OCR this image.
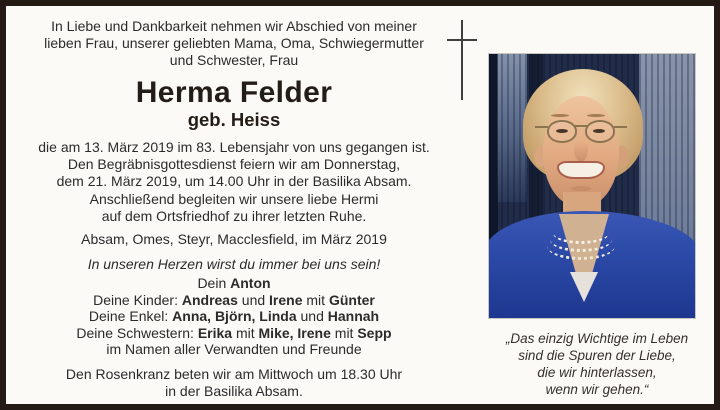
In Liebe und Dankbarkeit nehmen wir Abschied von meiner
lieben Frau, unserer geliebten Mama, Oma, Schwiegermutter
und Schwester, Frau
Herma Felder
geb. Heiss
die am 13. März 2019 im 83. Lebensjahr von uns gegangen ist.
Den Begräbnisgottesdienst feiern wir am Donnerstag,
dem 21. März 2019, um 14.00 Uhr in der Basilika Absam.
Anschließend begleiten wir unsere liebe Hermi
auf dem Ortsfriedhof zu ihrer letzten Ruhe.
Absam, Omes, Steyr, Macclesfield, im März 2019
In unseren Herzen wirst du immer bei uns sein!
Dein Anton
Deine Kinder: Andreas und Irene mit Günter
Deine Enkel: Anna, Björn, Linda und Hannah
Deine Schwestern: Erika mit Mike, Irene mit Sepp
im Namen aller Verwandten und Freunde
Den Rosenkranz beten wir am Mittwoch um 18.30 Uhr
in der Basilika Absam.
„Das einzig Wichtige im Leben
sind die Spuren der Liebe,
die wir hinterlassen,
wenn wir gehen.“
